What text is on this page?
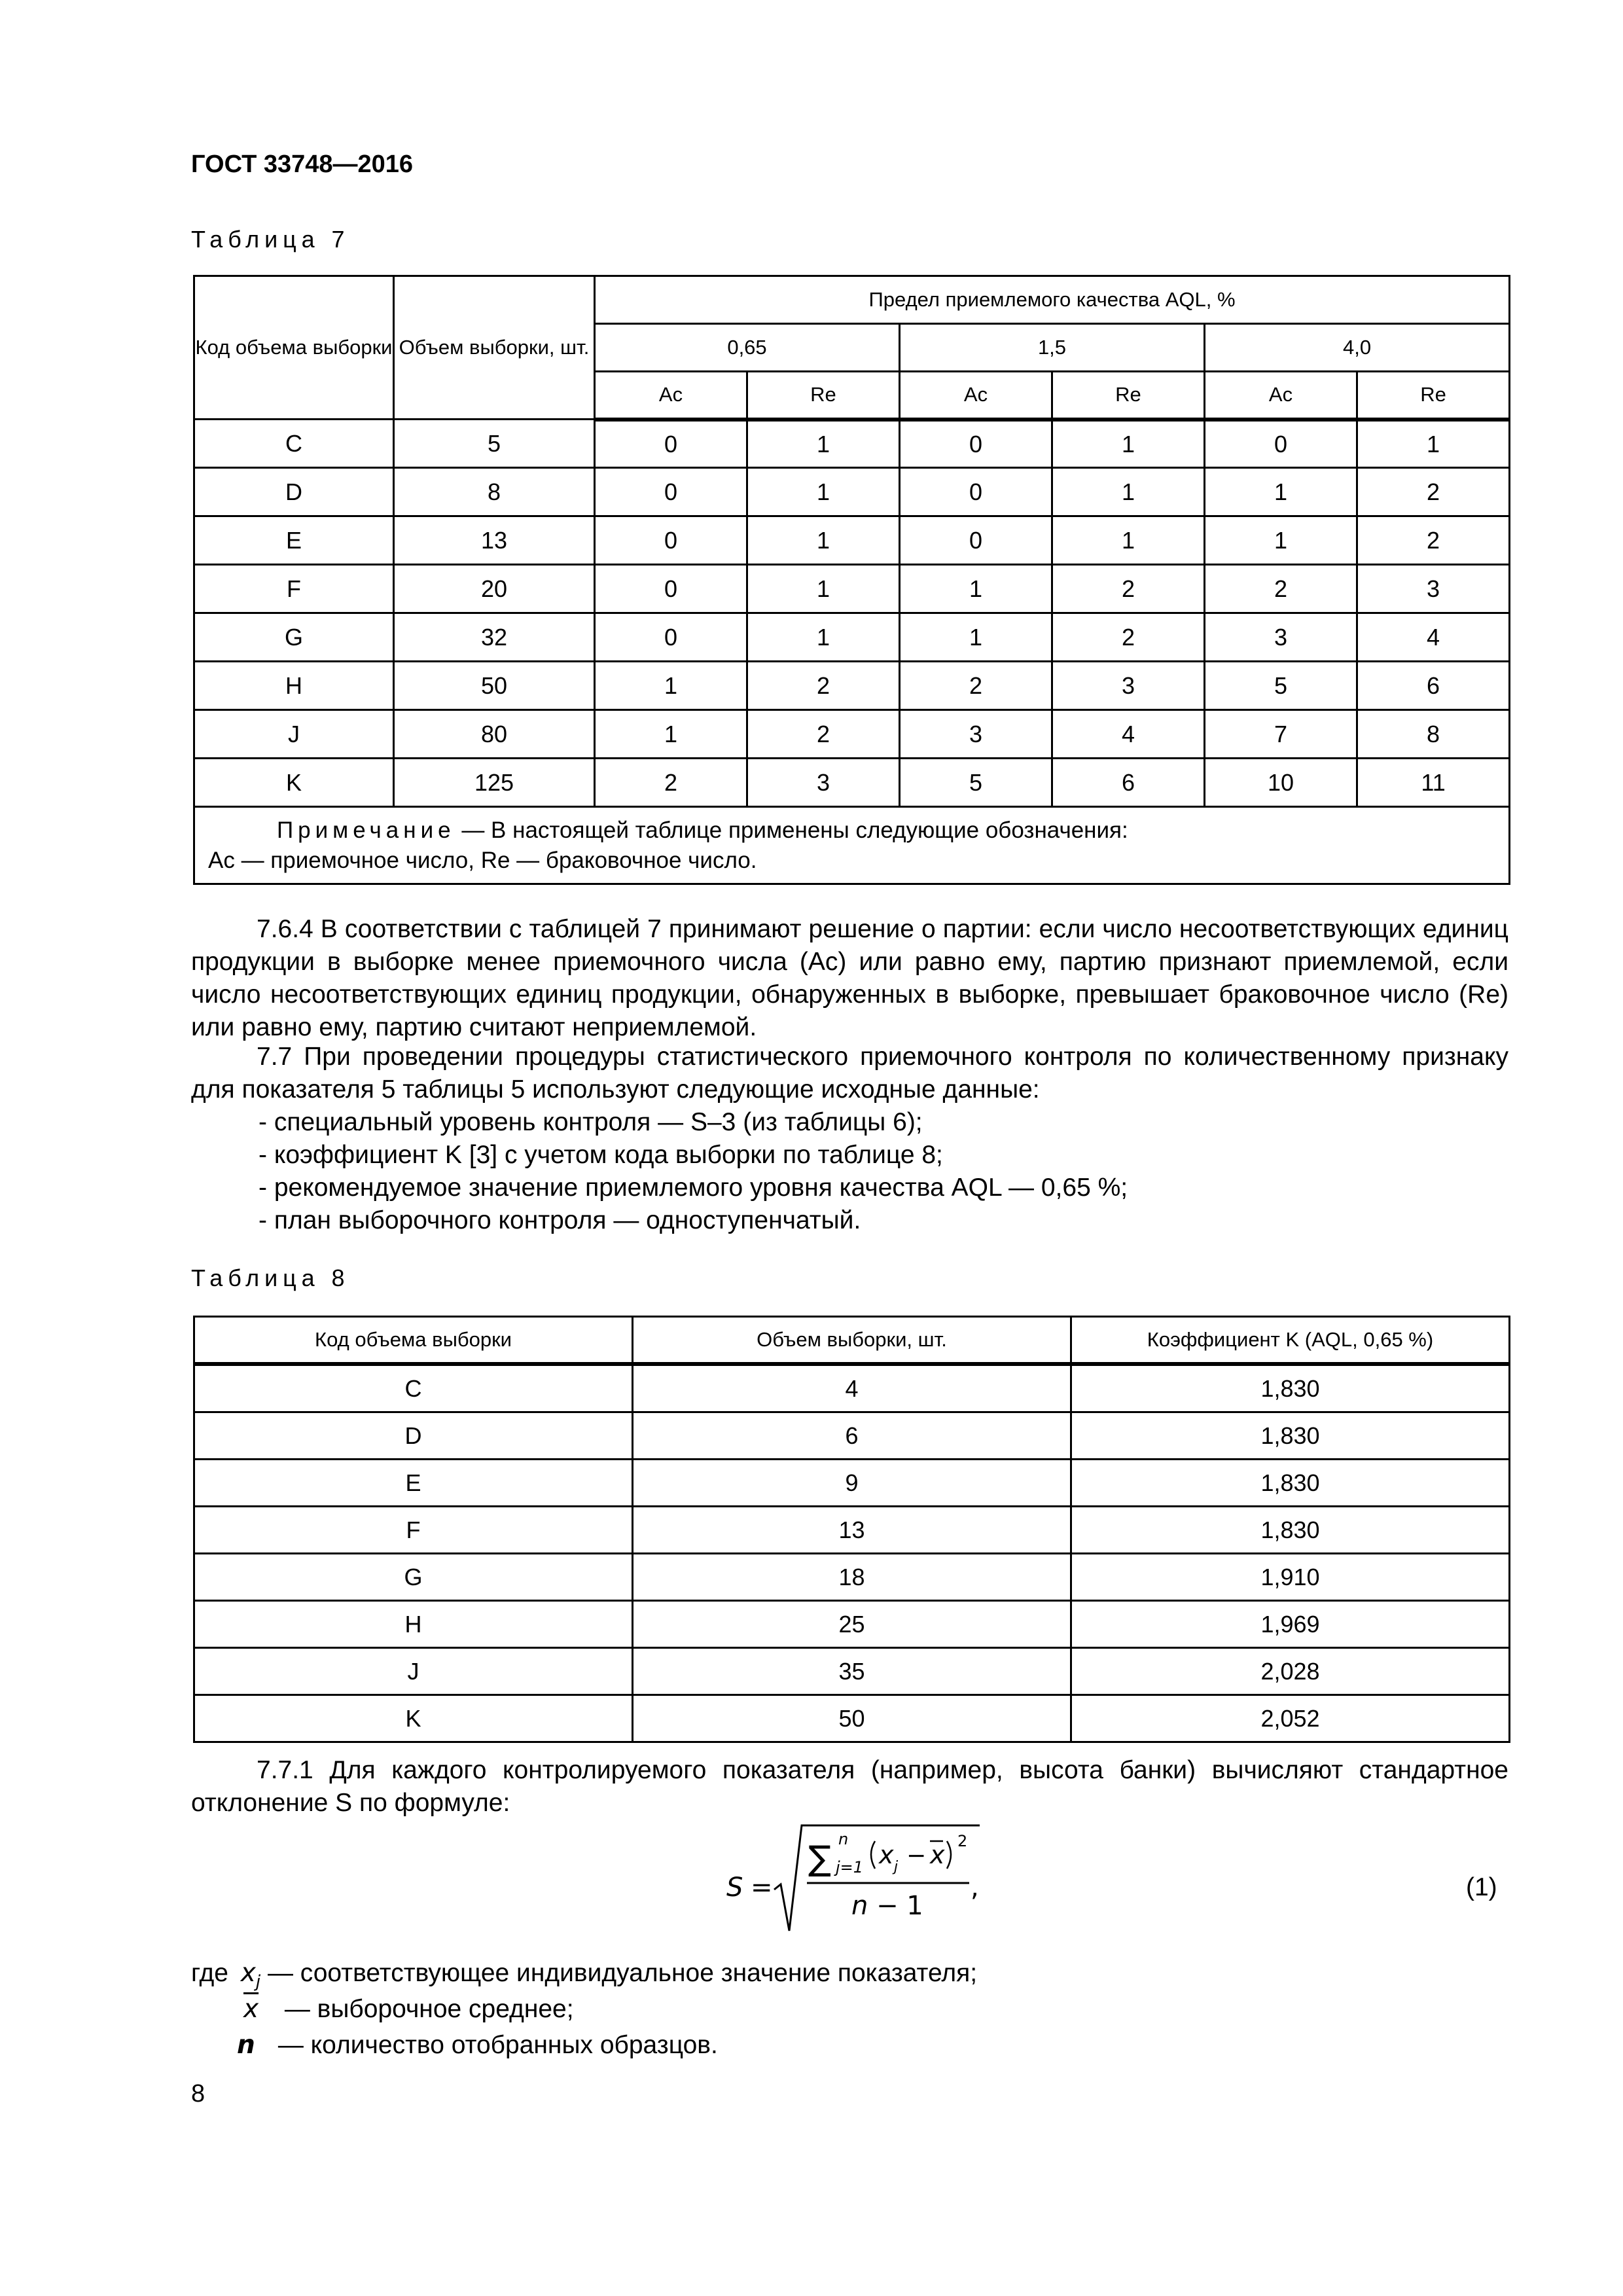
ГОСТ 33748—2016
Таблица 7
Код объема выборки	Объем выборки, шт.	Предел приемлемого качества AQL, %					
		0,65		1,5		4,0	
		Ac	Re	Ac	Re	Ac	Re
C	5	0	1	0	1	0	1
D	8	0	1	0	1	1	2
E	13	0	1	0	1	1	2
F	20	0	1	1	2	2	3
G	32	0	1	1	2	3	4
H	50	1	2	2	3	5	6
J	80	1	2	3	4	7	8
K	125	2	3	5	6	10	11
Примечание — В настоящей таблице применены следующие обозначения:
Ac — приемочное число, Re — браковочное число.							
7.6.4 В соответствии с таблицей 7 принимают решение о партии: если число несоответствующих единиц продукции в выборке менее приемочного числа (Ac) или равно ему, партию признают приемлемой, если число несоответствующих единиц продукции, обнаруженных в выборке, превышает браковочное число (Re) или равно ему, партию считают неприемлемой.
7.7 При проведении процедуры статистического приемочного контроля по количественному признаку для показателя 5 таблицы 5 используют следующие исходные данные:
- специальный уровень контроля — S–3 (из таблицы 6);
- коэффициент K [3] с учетом кода выборки по таблице 8;
- рекомендуемое значение приемлемого уровня качества AQL — 0,65 %;
- план выборочного контроля — одноступенчатый.
Таблица 8
Код объема выборки	Объем выборки, шт.	Коэффициент K (AQL, 0,65 %)
C	4	1,830
D	6	1,830
E	9	1,830
F	13	1,830
G	18	1,910
H	25	1,969
J	35	2,028
K	50	2,052
7.7.1 Для каждого контролируемого показателя (например, высота банки) вычисляют стандартное отклонение S по формуле:
S =
∑ n
j=1 x j − x 2
n − 1
,	(1)
где $x_j$ — соответствующее индивидуальное значение показателя;
$\overline{x}$ — выборочное среднее;
n — количество отобранных образцов.
8
